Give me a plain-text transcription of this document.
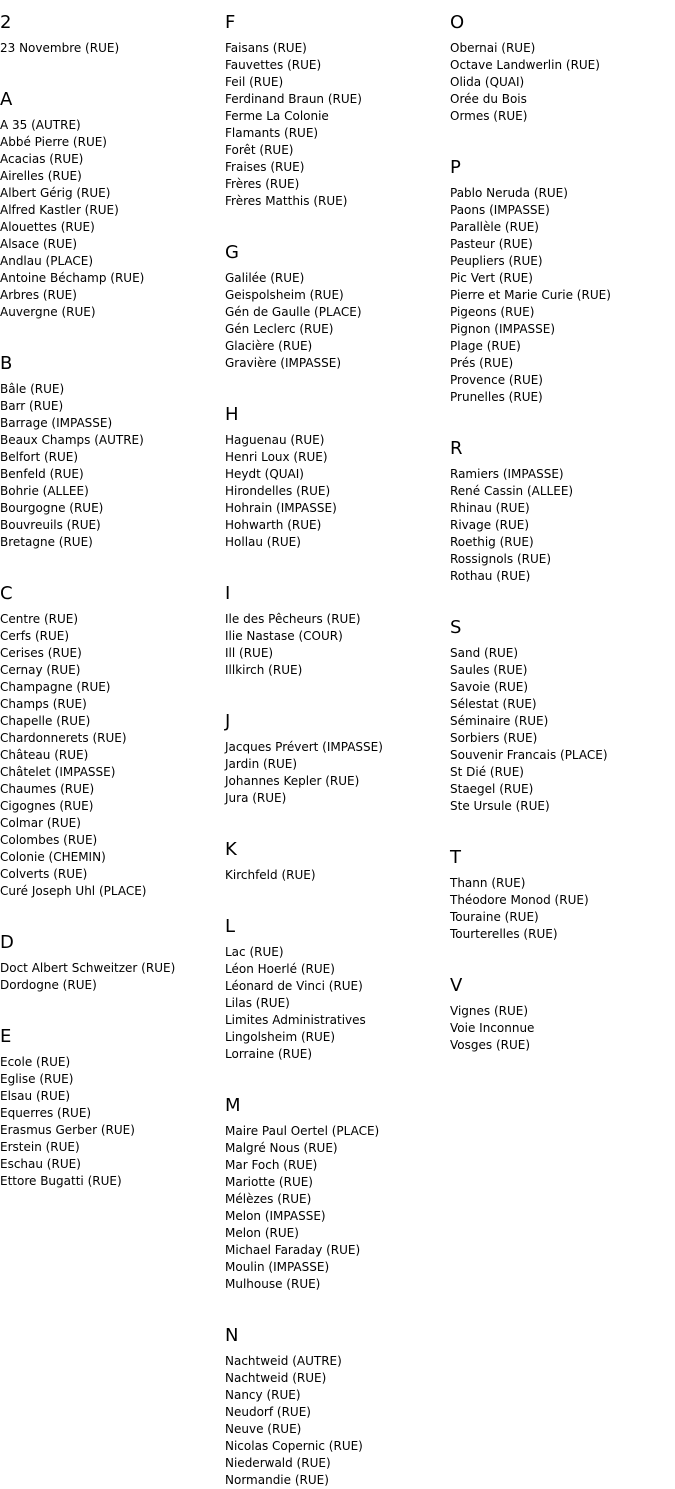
2
23 Novembre (RUE)
A
A 35 (AUTRE)
Abbé Pierre (RUE)
Acacias (RUE)
Airelles (RUE)
Albert Gérig (RUE)
Alfred Kastler (RUE)
Alouettes (RUE)
Alsace (RUE)
Andlau (PLACE)
Antoine Béchamp (RUE)
Arbres (RUE)
Auvergne (RUE)
B
Bâle (RUE)
Barr (RUE)
Barrage (IMPASSE)
Beaux Champs (AUTRE)
Belfort (RUE)
Benfeld (RUE)
Bohrie (ALLEE)
Bourgogne (RUE)
Bouvreuils (RUE)
Bretagne (RUE)
C
Centre (RUE)
Cerfs (RUE)
Cerises (RUE)
Cernay (RUE)
Champagne (RUE)
Champs (RUE)
Chapelle (RUE)
Chardonnerets (RUE)
Château (RUE)
Châtelet (IMPASSE)
Chaumes (RUE)
Cigognes (RUE)
Colmar (RUE)
Colombes (RUE)
Colonie (CHEMIN)
Colverts (RUE)
Curé Joseph Uhl (PLACE)
D
Doct Albert Schweitzer (RUE)
Dordogne (RUE)
E
Ecole (RUE)
Eglise (RUE)
Elsau (RUE)
Equerres (RUE)
Erasmus Gerber (RUE)
Erstein (RUE)
Eschau (RUE)
Ettore Bugatti (RUE)
F
Faisans (RUE)
Fauvettes (RUE)
Feil (RUE)
Ferdinand Braun (RUE)
Ferme La Colonie
Flamants (RUE)
Forêt (RUE)
Fraises (RUE)
Frères (RUE)
Frères Matthis (RUE)
G
Galilée (RUE)
Geispolsheim (RUE)
Gén de Gaulle (PLACE)
Gén Leclerc (RUE)
Glacière (RUE)
Gravière (IMPASSE)
H
Haguenau (RUE)
Henri Loux (RUE)
Heydt (QUAI)
Hirondelles (RUE)
Hohrain (IMPASSE)
Hohwarth (RUE)
Hollau (RUE)
I
Ile des Pêcheurs (RUE)
Ilie Nastase (COUR)
Ill (RUE)
Illkirch (RUE)
J
Jacques Prévert (IMPASSE)
Jardin (RUE)
Johannes Kepler (RUE)
Jura (RUE)
K
Kirchfeld (RUE)
L
Lac (RUE)
Léon Hoerlé (RUE)
Léonard de Vinci (RUE)
Lilas (RUE)
Limites Administratives
Lingolsheim (RUE)
Lorraine (RUE)
M
Maire Paul Oertel (PLACE)
Malgré Nous (RUE)
Mar Foch (RUE)
Mariotte (RUE)
Mélèzes (RUE)
Melon (IMPASSE)
Melon (RUE)
Michael Faraday (RUE)
Moulin (IMPASSE)
Mulhouse (RUE)
N
Nachtweid (AUTRE)
Nachtweid (RUE)
Nancy (RUE)
Neudorf (RUE)
Neuve (RUE)
Nicolas Copernic (RUE)
Niederwald (RUE)
Normandie (RUE)
O
Obernai (RUE)
Octave Landwerlin (RUE)
Olida (QUAI)
Orée du Bois
Ormes (RUE)
P
Pablo Neruda (RUE)
Paons (IMPASSE)
Parallèle (RUE)
Pasteur (RUE)
Peupliers (RUE)
Pic Vert (RUE)
Pierre et Marie Curie (RUE)
Pigeons (RUE)
Pignon (IMPASSE)
Plage (RUE)
Prés (RUE)
Provence (RUE)
Prunelles (RUE)
R
Ramiers (IMPASSE)
René Cassin (ALLEE)
Rhinau (RUE)
Rivage (RUE)
Roethig (RUE)
Rossignols (RUE)
Rothau (RUE)
S
Sand (RUE)
Saules (RUE)
Savoie (RUE)
Sélestat (RUE)
Séminaire (RUE)
Sorbiers (RUE)
Souvenir Francais (PLACE)
St Dié (RUE)
Staegel (RUE)
Ste Ursule (RUE)
T
Thann (RUE)
Théodore Monod (RUE)
Touraine (RUE)
Tourterelles (RUE)
V
Vignes (RUE)
Voie Inconnue
Vosges (RUE)
